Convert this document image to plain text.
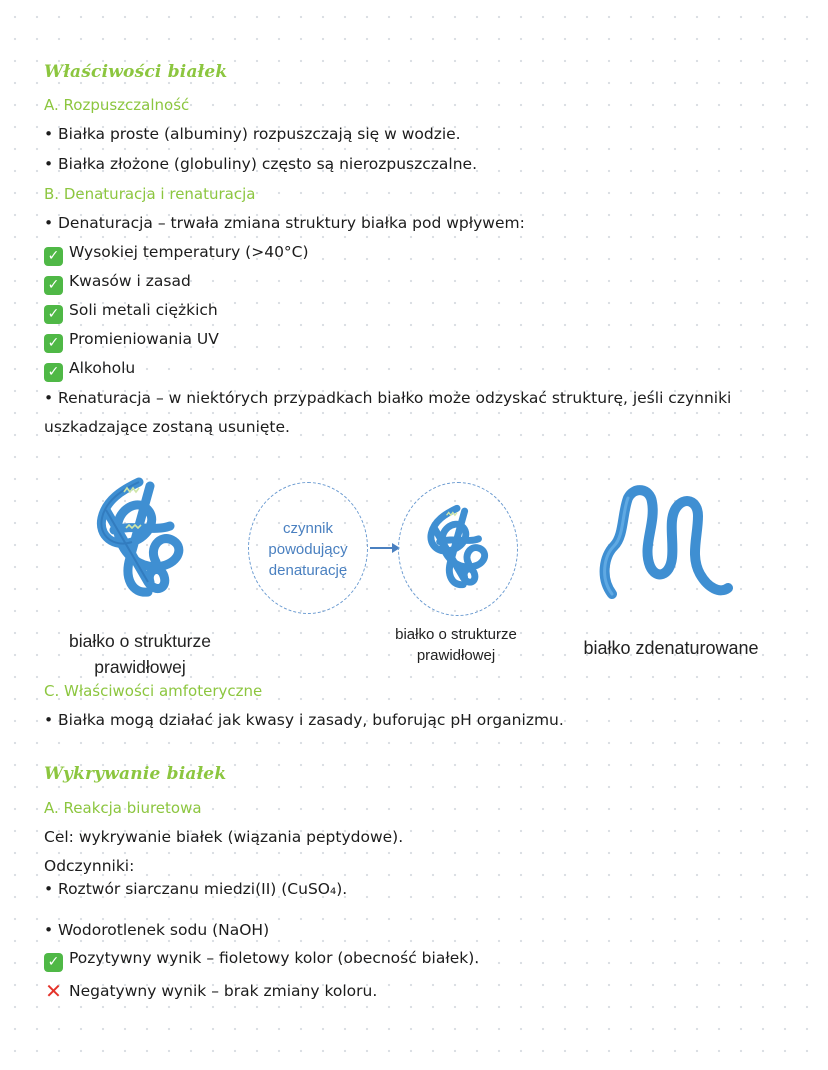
Właściwości białek
A. Rozpuszczalność
• Białka proste (albuminy) rozpuszczają się w wodzie.
• Białka złożone (globuliny) często są nierozpuszczalne.
B. Denaturacja i renaturacja
• Denaturacja – trwała zmiana struktury białka pod wpływem:
✓ Wysokiej temperatury (>40°C)
✓ Kwasów i zasad
✓ Soli metali ciężkich
✓ Promieniowania UV
✓ Alkoholu
• Renaturacja – w niektórych przypadkach białko może odzyskać strukturę, jeśli czynniki uszkadzające zostaną usunięte.
białko o strukturze prawidłowej
czynnik powodujący denaturację
białko o strukturze prawidłowej	białko zdenaturowane
C. Właściwości amfoteryczne
• Białka mogą działać jak kwasy i zasady, buforując pH organizmu.
Wykrywanie białek
A. Reakcja biuretowa
Cel: wykrywanie białek (wiązania peptydowe).
Odczynniki:
• Roztwór siarczanu miedzi(II) (CuSO₄).
• Wodorotlenek sodu (NaOH)
✓ Pozytywny wynik – fioletowy kolor (obecność białek).
✕ Negatywny wynik – brak zmiany koloru.
